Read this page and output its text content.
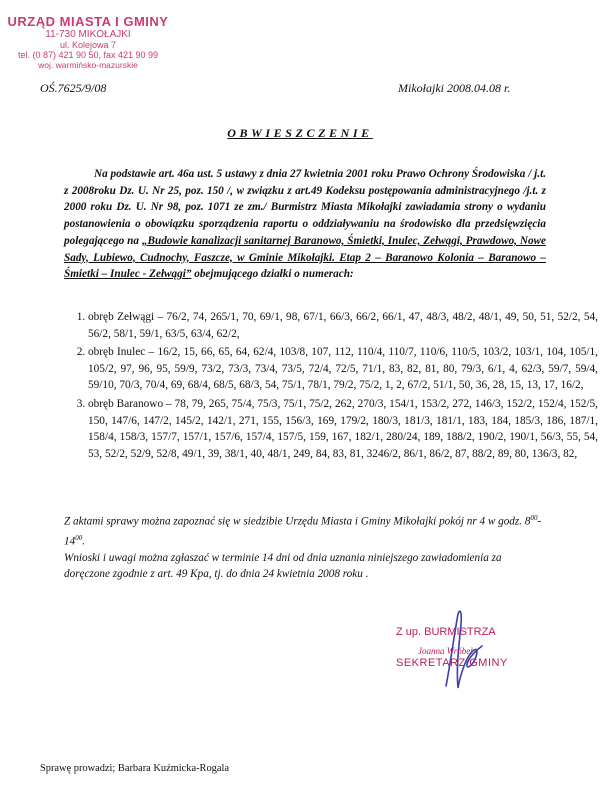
URZĄD MIASTA I GMINY
11-730 MIKOŁAJKI
ul. Kolejowa 7
tel. (0 87) 421 90 50, fax 421 90 99
woj. warmińsko-mazurskie
OŚ.7625/9/08	Mikołajki 2008.04.08 r.
OBWIESZCZENIE
Na podstawie art. 46a ust. 5 ustawy z dnia 27 kwietnia 2001 roku Prawo Ochrony Środowiska / j.t. z 2008roku Dz. U. Nr 25, poz. 150 /, w związku z art.49 Kodeksu postępowania administracyjnego /j.t. z 2000 roku Dz. U. Nr 98, poz. 1071 ze zm./ Burmistrz Miasta Mikołajki zawiadamia strony o wydaniu postanowienia o obowiązku sporządzenia raportu o oddziaływaniu na środowisko dla przedsięwzięcia polegającego na „Budowie kanalizacji sanitarnej Baranowo, Śmietki, Inulec, Zełwągi, Prawdowo, Nowe Sady, Lubiewo, Cudnochy, Faszcze, w Gminie Mikołajki. Etap 2 – Baranowo Kolonia – Baranowo – Śmietki – Inulec - Zełwągi” obejmującego działki o numerach:
1. obręb Zełwągi – 76/2, 74, 265/1, 70, 69/1, 98, 67/1, 66/3, 66/2, 66/1, 47, 48/3, 48/2, 48/1, 49, 50, 51, 52/2, 54, 56/2, 58/1, 59/1, 63/5, 63/4, 62/2,
2. obręb Inulec – 16/2, 15, 66, 65, 64, 62/4, 103/8, 107, 112, 110/4, 110/7, 110/6, 110/5, 103/2, 103/1, 104, 105/1, 105/2, 97, 96, 95, 59/9, 73/2, 73/3, 73/4, 73/5, 72/4, 72/5, 71/1, 83, 82, 81, 80, 79/3, 6/1, 4, 62/3, 59/7, 59/4, 59/10, 70/3, 70/4, 69, 68/4, 68/5, 68/3, 54, 75/1, 78/1, 79/2, 75/2, 1, 2, 67/2, 51/1, 50, 36, 28, 15, 13, 17, 16/2,
3. obręb Baranowo – 78, 79, 265, 75/4, 75/3, 75/1, 75/2, 262, 270/3, 154/1, 153/2, 272, 146/3, 152/2, 152/4, 152/5, 150, 147/6, 147/2, 145/2, 142/1, 271, 155, 156/3, 169, 179/2, 180/3, 181/3, 181/1, 183, 184, 185/3, 186, 187/1, 158/4, 158/3, 157/7, 157/1, 157/6, 157/4, 157/5, 159, 167, 182/1, 280/24, 189, 188/2, 190/2, 190/1, 56/3, 55, 54, 53, 52/2, 52/9, 52/8, 49/1, 39, 38/1, 40, 48/1, 249, 84, 83, 81, 3246/2, 86/1, 86/2, 87, 88/2, 89, 80, 136/3, 82,
Z aktami sprawy można zapoznać się w siedzibie Urzędu Miasta i Gminy Mikołajki pokój nr 4 w godz. $8^{00}-14^{00}$.
Wnioski i uwagi można zgłaszać w terminie 14 dni od dnia uznania niniejszego zawiadomienia za doręczone zgodnie z art. 49 Kpa, tj. do dnia 24 kwietnia 2008 roku .
Z up. BURMISTRZA
Joanna Wróbel
SEKRETARZ GMINY
Sprawę prowadzi; Barbara Kuźmicka-Rogala
